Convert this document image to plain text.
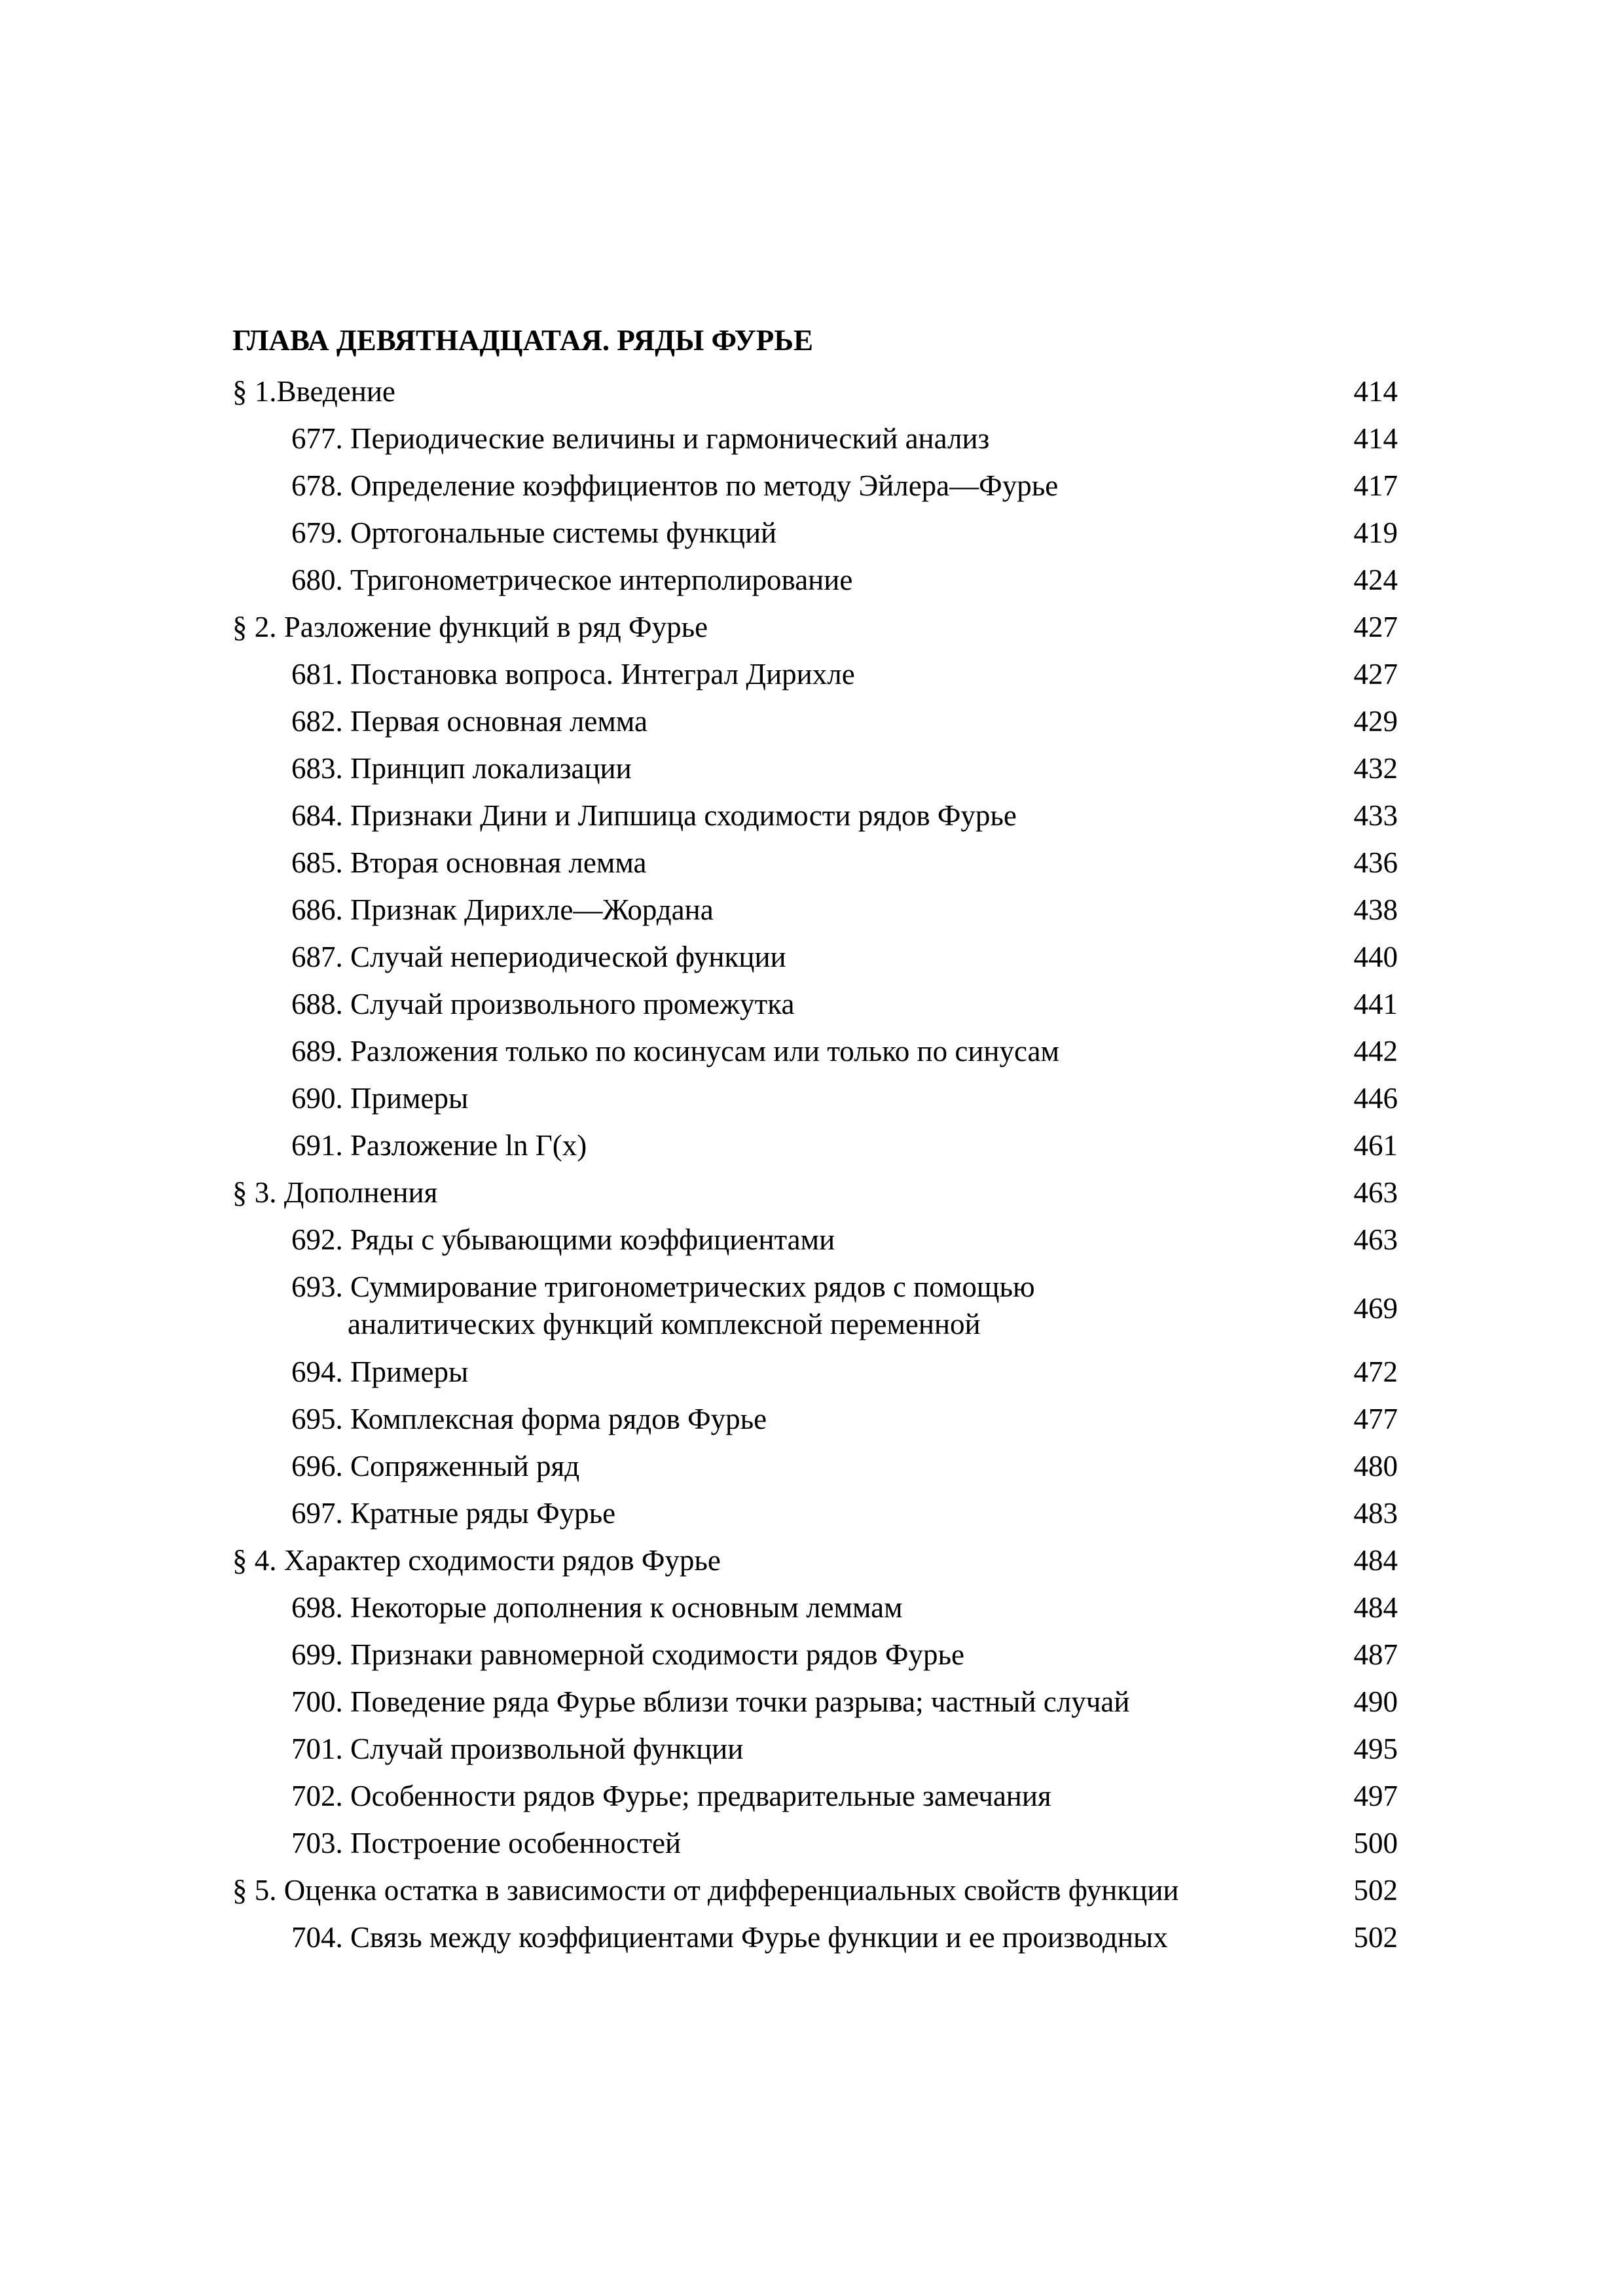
ГЛАВА ДЕВЯТНАДЦАТАЯ. РЯДЫ ФУРЬЕ
§ 1.Введение	414
677. Периодические величины и гармонический анализ	414
678. Определение коэффициентов по методу Эйлера—Фурье	417
679. Ортогональные системы функций	419
680. Тригонометрическое интерполирование	424
§ 2. Разложение функций в ряд Фурье	427
681. Постановка вопроса. Интеграл Дирихле	427
682. Первая основная лемма	429
683. Принцип локализации	432
684. Признаки Дини и Липшица сходимости рядов Фурье	433
685. Вторая основная лемма	436
686. Признак Дирихле—Жордана	438
687. Случай непериодической функции	440
688. Случай произвольного промежутка	441
689. Разложения только по косинусам или только по синусам	442
690. Примеры	446
691. Разложение ln Γ(x)	461
§ 3. Дополнения	463
692. Ряды с убывающими коэффициентами	463
693. Суммирование тригонометрических рядов с помощью
аналитических функций комплексной переменной	469
694. Примеры	472
695. Комплексная форма рядов Фурье	477
696. Сопряженный ряд	480
697. Кратные ряды Фурье	483
§ 4. Характер сходимости рядов Фурье	484
698. Некоторые дополнения к основным леммам	484
699. Признаки равномерной сходимости рядов Фурье	487
700. Поведение ряда Фурье вблизи точки разрыва; частный случай	490
701. Случай произвольной функции	495
702. Особенности рядов Фурье; предварительные замечания	497
703. Построение особенностей	500
§ 5. Оценка остатка в зависимости от дифференциальных свойств функции	502
704. Связь между коэффициентами Фурье функции и ее производных	502
